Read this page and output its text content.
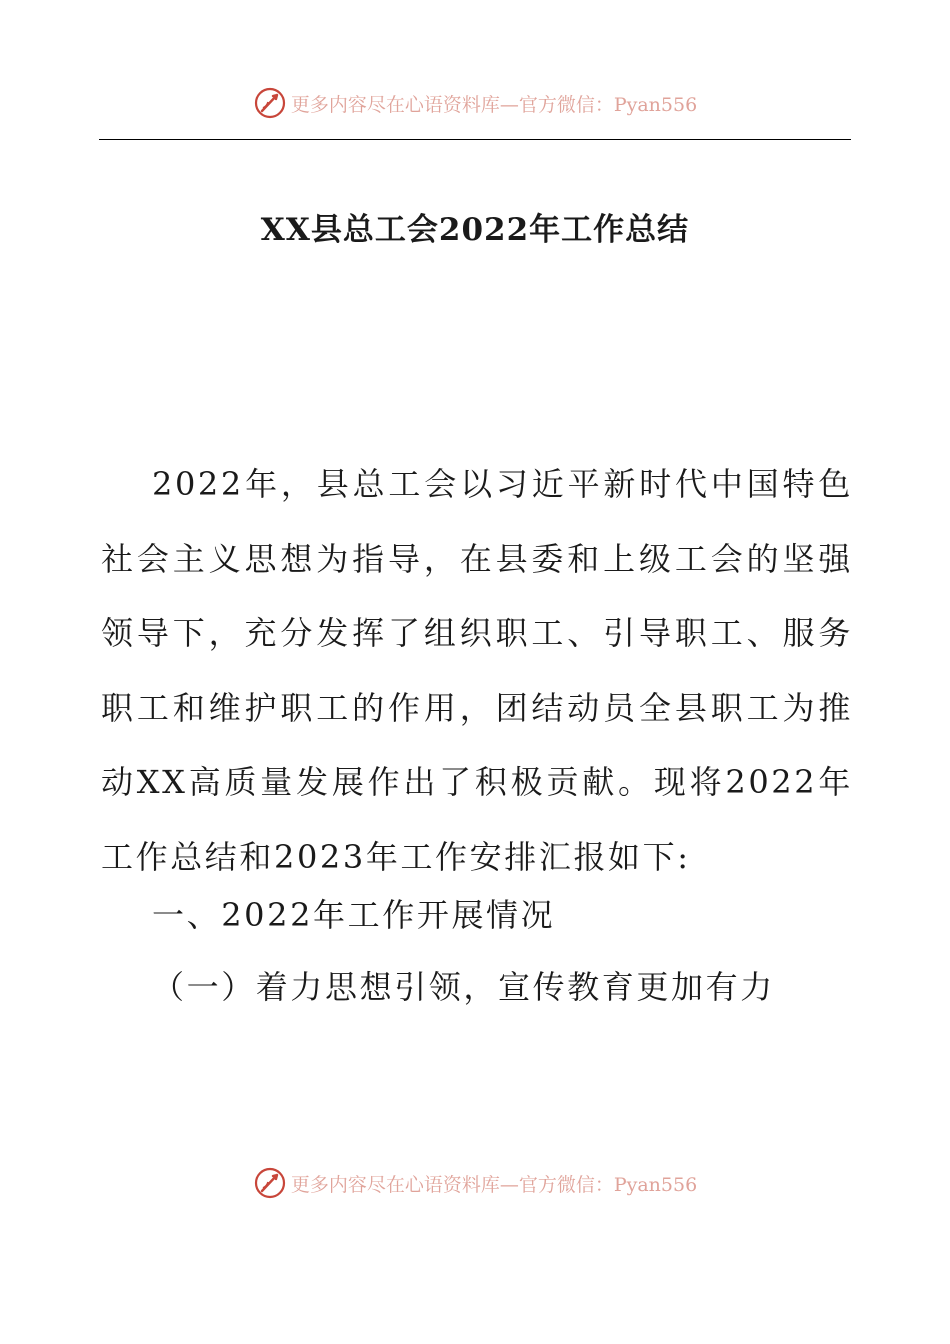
更多内容尽在心语资料库—官方微信：Pyan556
XX县总工会2022年工作总结

2022年，县总工会以习近平新时代中国特色社会主义思想为指导，在县委和上级工会的坚强领导下，充分发挥了组织职工、引导职工、服务职工和维护职工的作用，团结动员全县职工为推动XX高质量发展作出了积极贡献。现将2022年工作总结和2023年工作安排汇报如下:

一、2022年工作开展情况

（一）着力思想引领，宣传教育更加有力

更多内容尽在心语资料库—官方微信：Pyan556
